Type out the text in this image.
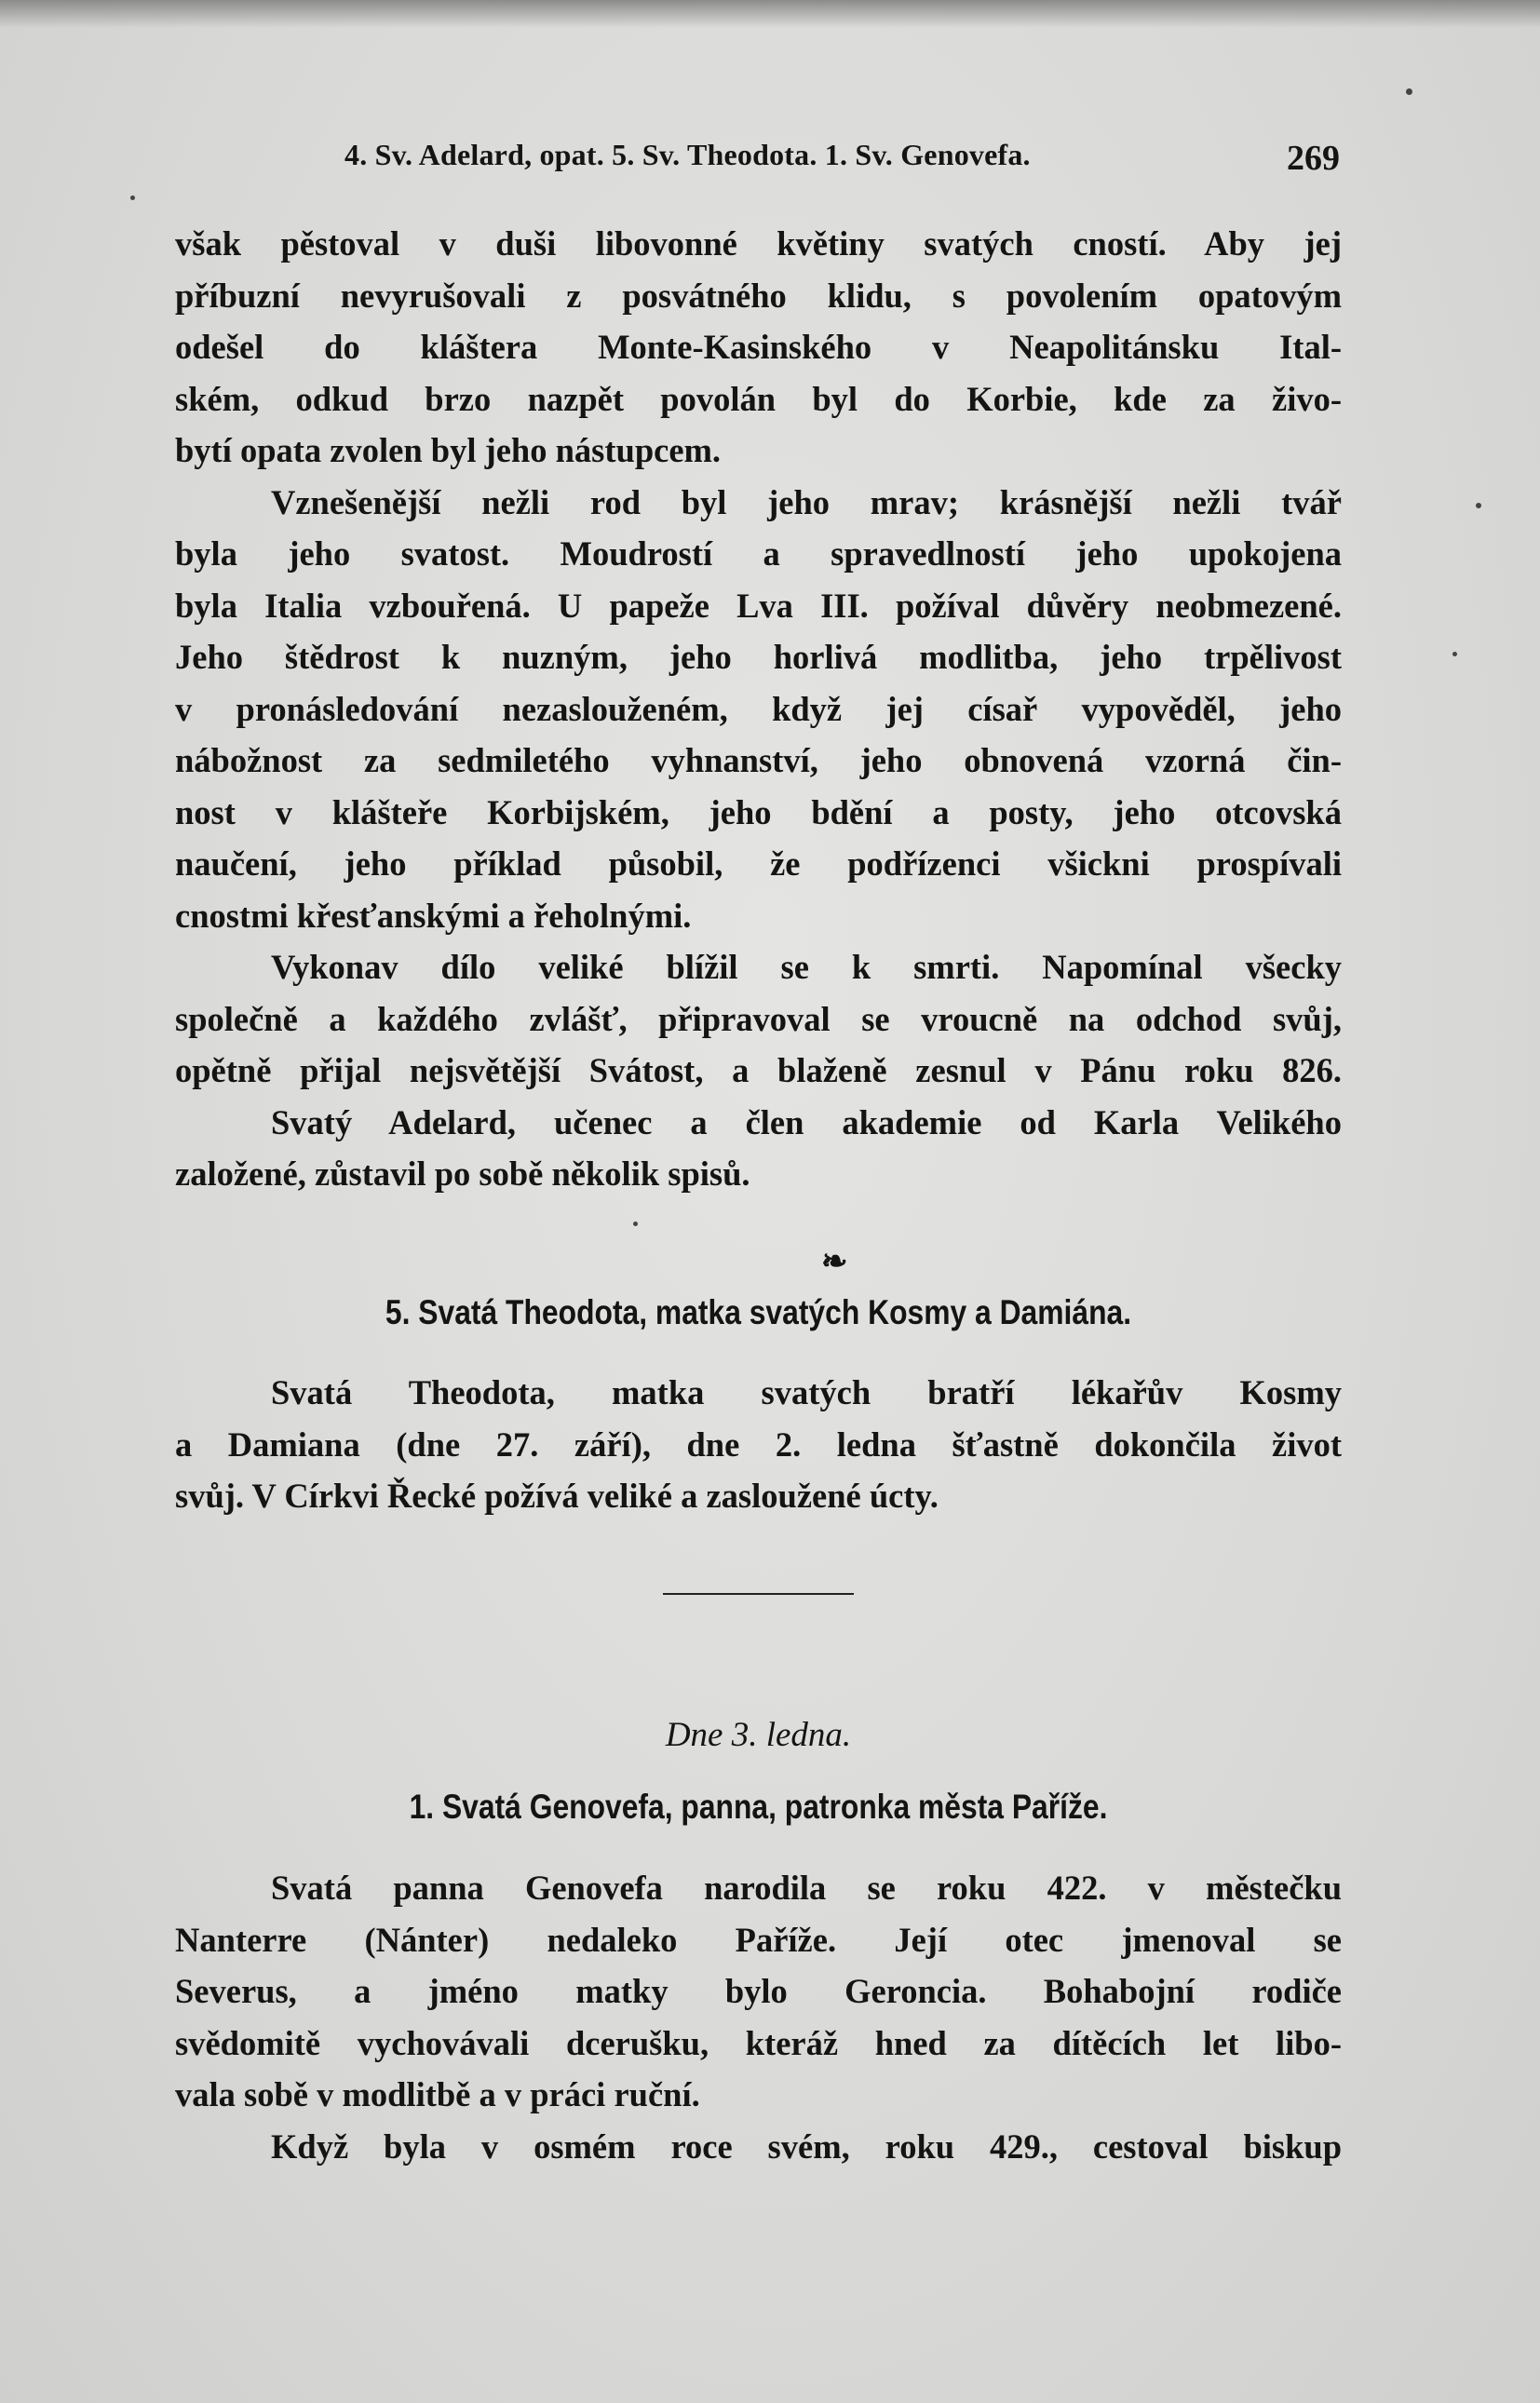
4. Sv. Adelard, opat. 5. Sv. Theodota. 1. Sv. Genovefa.	269

však pěstoval v duši libovonné květiny svatých cností. Aby jej
příbuzní nevyrušovali z posvátného klidu, s povolením opatovým
odešel do kláštera Monte-Kasinského v Neapolitánsku Ital-
ském, odkud brzo nazpět povolán byl do Korbie, kde za živo-
bytí opata zvolen byl jeho nástupcem.

Vznešenější nežli rod byl jeho mrav; krásnější nežli tvář
byla jeho svatost. Moudrostí a spravedlností jeho upokojena
byla Italia vzbouřená. U papeže Lva III. požíval důvěry neobmezené.
Jeho štědrost k nuzným, jeho horlivá modlitba, jeho trpělivost
v pronásledování nezaslouženém, když jej císař vypověděl, jeho
nábožnost za sedmiletého vyhnanství, jeho obnovená vzorná čin-
nost v klášteře Korbijském, jeho bdění a posty, jeho otcovská
naučení, jeho příklad působil, že podřízenci všickni prospívali
cnostmi křesťanskými a řeholnými.

Vykonav dílo veliké blížil se k smrti. Napomínal všecky
společně a každého zvlášť, připravoval se vroucně na odchod svůj,
opětně přijal nejsvětější Svátost, a blaženě zesnul v Pánu roku 826.
Svatý Adelard, učenec a člen akademie od Karla Velikého
založené, zůstavil po sobě několik spisů.

❧
5. Svatá Theodota, matka svatých Kosmy a Damiána.

Svatá Theodota, matka svatých bratří lékařův Kosmy
a Damiana (dne 27. září), dne 2. ledna šťastně dokončila život
svůj. V Církvi Řecké požívá veliké a zasloužené úcty.

Dne 3. ledna.
1. Svatá Genovefa, panna, patronka města Paříže.

Svatá panna Genovefa narodila se roku 422. v městečku
Nanterre (Nánter) nedaleko Paříže. Její otec jmenoval se
Severus, a jméno matky bylo Geroncia. Bohabojní rodiče
svědomitě vychovávali dcerušku, kteráž hned za dítěcích let libo-
vala sobě v modlitbě a v práci ruční.

Když byla v osmém roce svém, roku 429., cestoval biskup
